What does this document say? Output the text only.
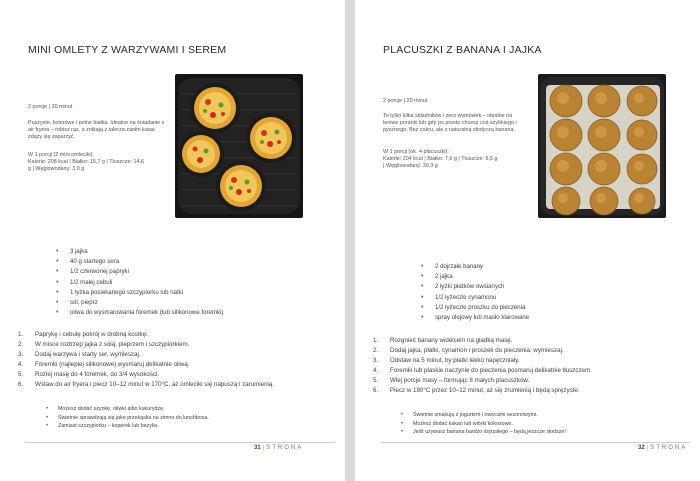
MINI OMLETY Z WARZYWAMI I SEREM
2 porcje | 20 minut
Puszyste, kolorowe i pełne białka. Idealne na śniadanie z air fryera – robisz raz, a znikają z talerza zanim kawa zdąży się zaparzyć.
W 1 porcji (2 mini omleciki):
Kalorie: 208 kcal | Białko: 15,7 g | Tłuszcze: 14,6
g | Węglowodany: 3,0 g
• 3 jajka
• 40 g startego sera
• 1/2 czerwonej papryki
• 1/2 małej cebuli
• 1 łyżka posiekanego szczypiorku lub natki
• sól, pieprz
• oliwa do wysmarowania foremek (lub silikonowe foremki)
1. Paprykę i cebulę pokrój w drobną kostkę.
2. W misce roztrzep jajka z solą, pieprzem i szczypiorkiem.
3. Dodaj warzywa i starty ser, wymieszaj.
4. Foremki (najlepiej silikonowe) wysmaruj delikatnie oliwą.
5. Rozlej masę do 4 foremek, do 3/4 wysokości.
6. Wstaw do air fryera i piecz 10–12 minut w 170°C, aż omleciki się napuszą i zarumienią.
• Możesz dodać szynkę, oliwki albo kukurydzę.
• Świetnie sprawdzają się jako przekąska na zimno do lunchboxa.
• Zamiast szczypiorku – koperek lub bazylia.
31 | STRONA
PLACUSZKI Z BANANA I JAJKA
2 porcje | 20 minut
To tylko kilka składników i zero wymówek – idealne na leniwe poranki lub gdy po prostu chcesz coś szybkiego i pysznego. Bez cukru, ale z naturalną słodyczą banana.
W 1 porcji (ok. 4 placuszki):
Kalorie: 204 kcal | Białko: 7,6 g | Tłuszcze: 6,5 g
| Węglowodany: 30,3 g
• 2 dojrzałe banany
• 2 jajka
• 2 łyżki płatków owsianych
• 1/2 łyżeczki cynamonu
• 1/2 łyżeczki proszku do pieczenia
• spray olejowy lub masło klarowane
1. Rozgnieć banany widelcem na gładką masę.
2. Dodaj jajka, płatki, cynamon i proszek do pieczenia, wymieszaj.
3. Odstaw na 5 minut, by płatki lekko napęczniały.
4. Foremki lub płaskie naczynie do pieczenia posmaruj delikatnie tłuszczem.
5. Wlej porcje masy – formując 8 małych placuszków.
6. Piecz w 180°C przez 10–12 minut, aż się zrumienią i będą sprężyste.
• Świetnie smakują z jogurtem i owocami sezonowymi.
• Możesz dodać kakao lub wiórki kokosowe.
• Jeśli używasz banana bardzo dojrzałego – będą jeszcze słodsze!
32 | STRONA
